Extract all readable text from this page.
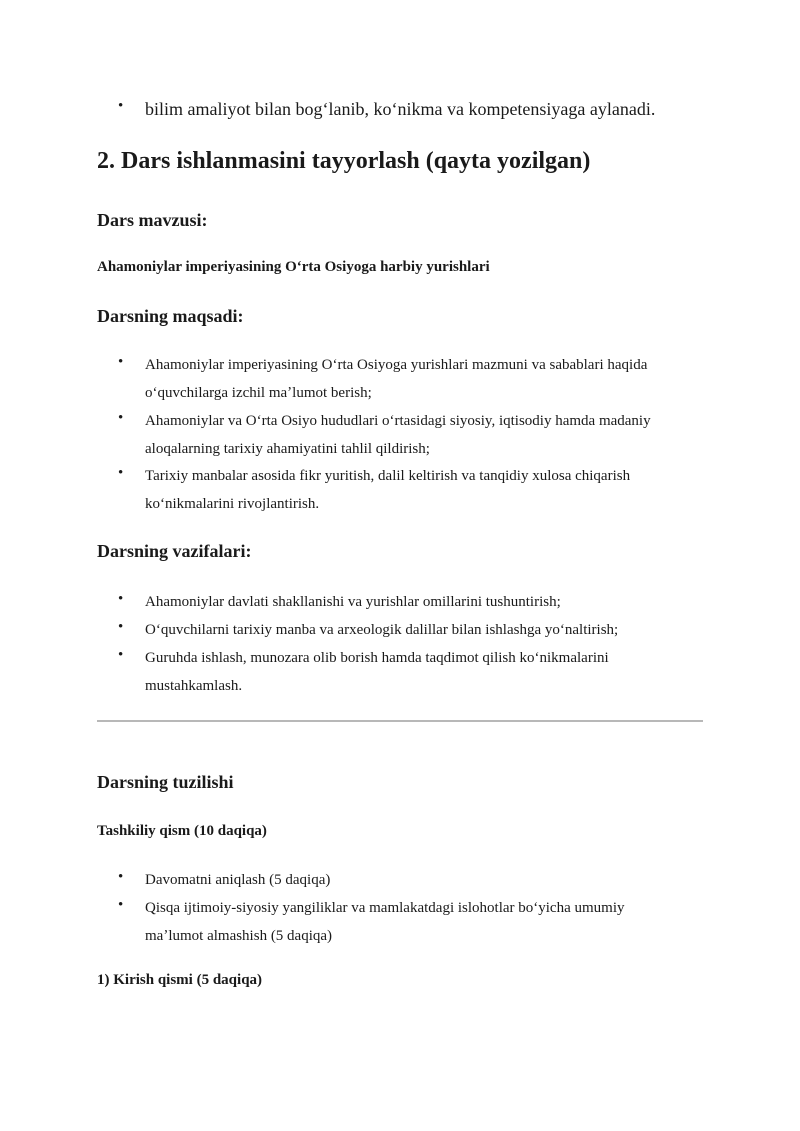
• bilim amaliyot bilan bogʻlanib, koʻnikma va kompetensiyaga aylanadi.
2. Dars ishlanmasini tayyorlash (qayta yozilgan)
Dars mavzusi:
Ahamoniylar imperiyasining Oʻrta Osiyoga harbiy yurishlari
Darsning maqsadi:
• Ahamoniylar imperiyasining Oʻrta Osiyoga yurishlari mazmuni va sabablari haqida
oʻquvchilarga izchil maʼlumot berish;
• Ahamoniylar va Oʻrta Osiyo hududlari oʻrtasidagi siyosiy, iqtisodiy hamda madaniy
aloqalarning tarixiy ahamiyatini tahlil qildirish;
• Tarixiy manbalar asosida fikr yuritish, dalil keltirish va tanqidiy xulosa chiqarish
koʻnikmalarini rivojlantirish.
Darsning vazifalari:
• Ahamoniylar davlati shakllanishi va yurishlar omillarini tushuntirish;
• Oʻquvchilarni tarixiy manba va arxeologik dalillar bilan ishlashga yoʻnaltirish;
• Guruhda ishlash, munozara olib borish hamda taqdimot qilish koʻnikmalarini
mustahkamlash.
Darsning tuzilishi
Tashkiliy qism (10 daqiqa)
• Davomatni aniqlash (5 daqiqa)
• Qisqa ijtimoiy-siyosiy yangiliklar va mamlakatdagi islohotlar boʻyicha umumiy
maʼlumot almashish (5 daqiqa)
1) Kirish qismi (5 daqiqa)
